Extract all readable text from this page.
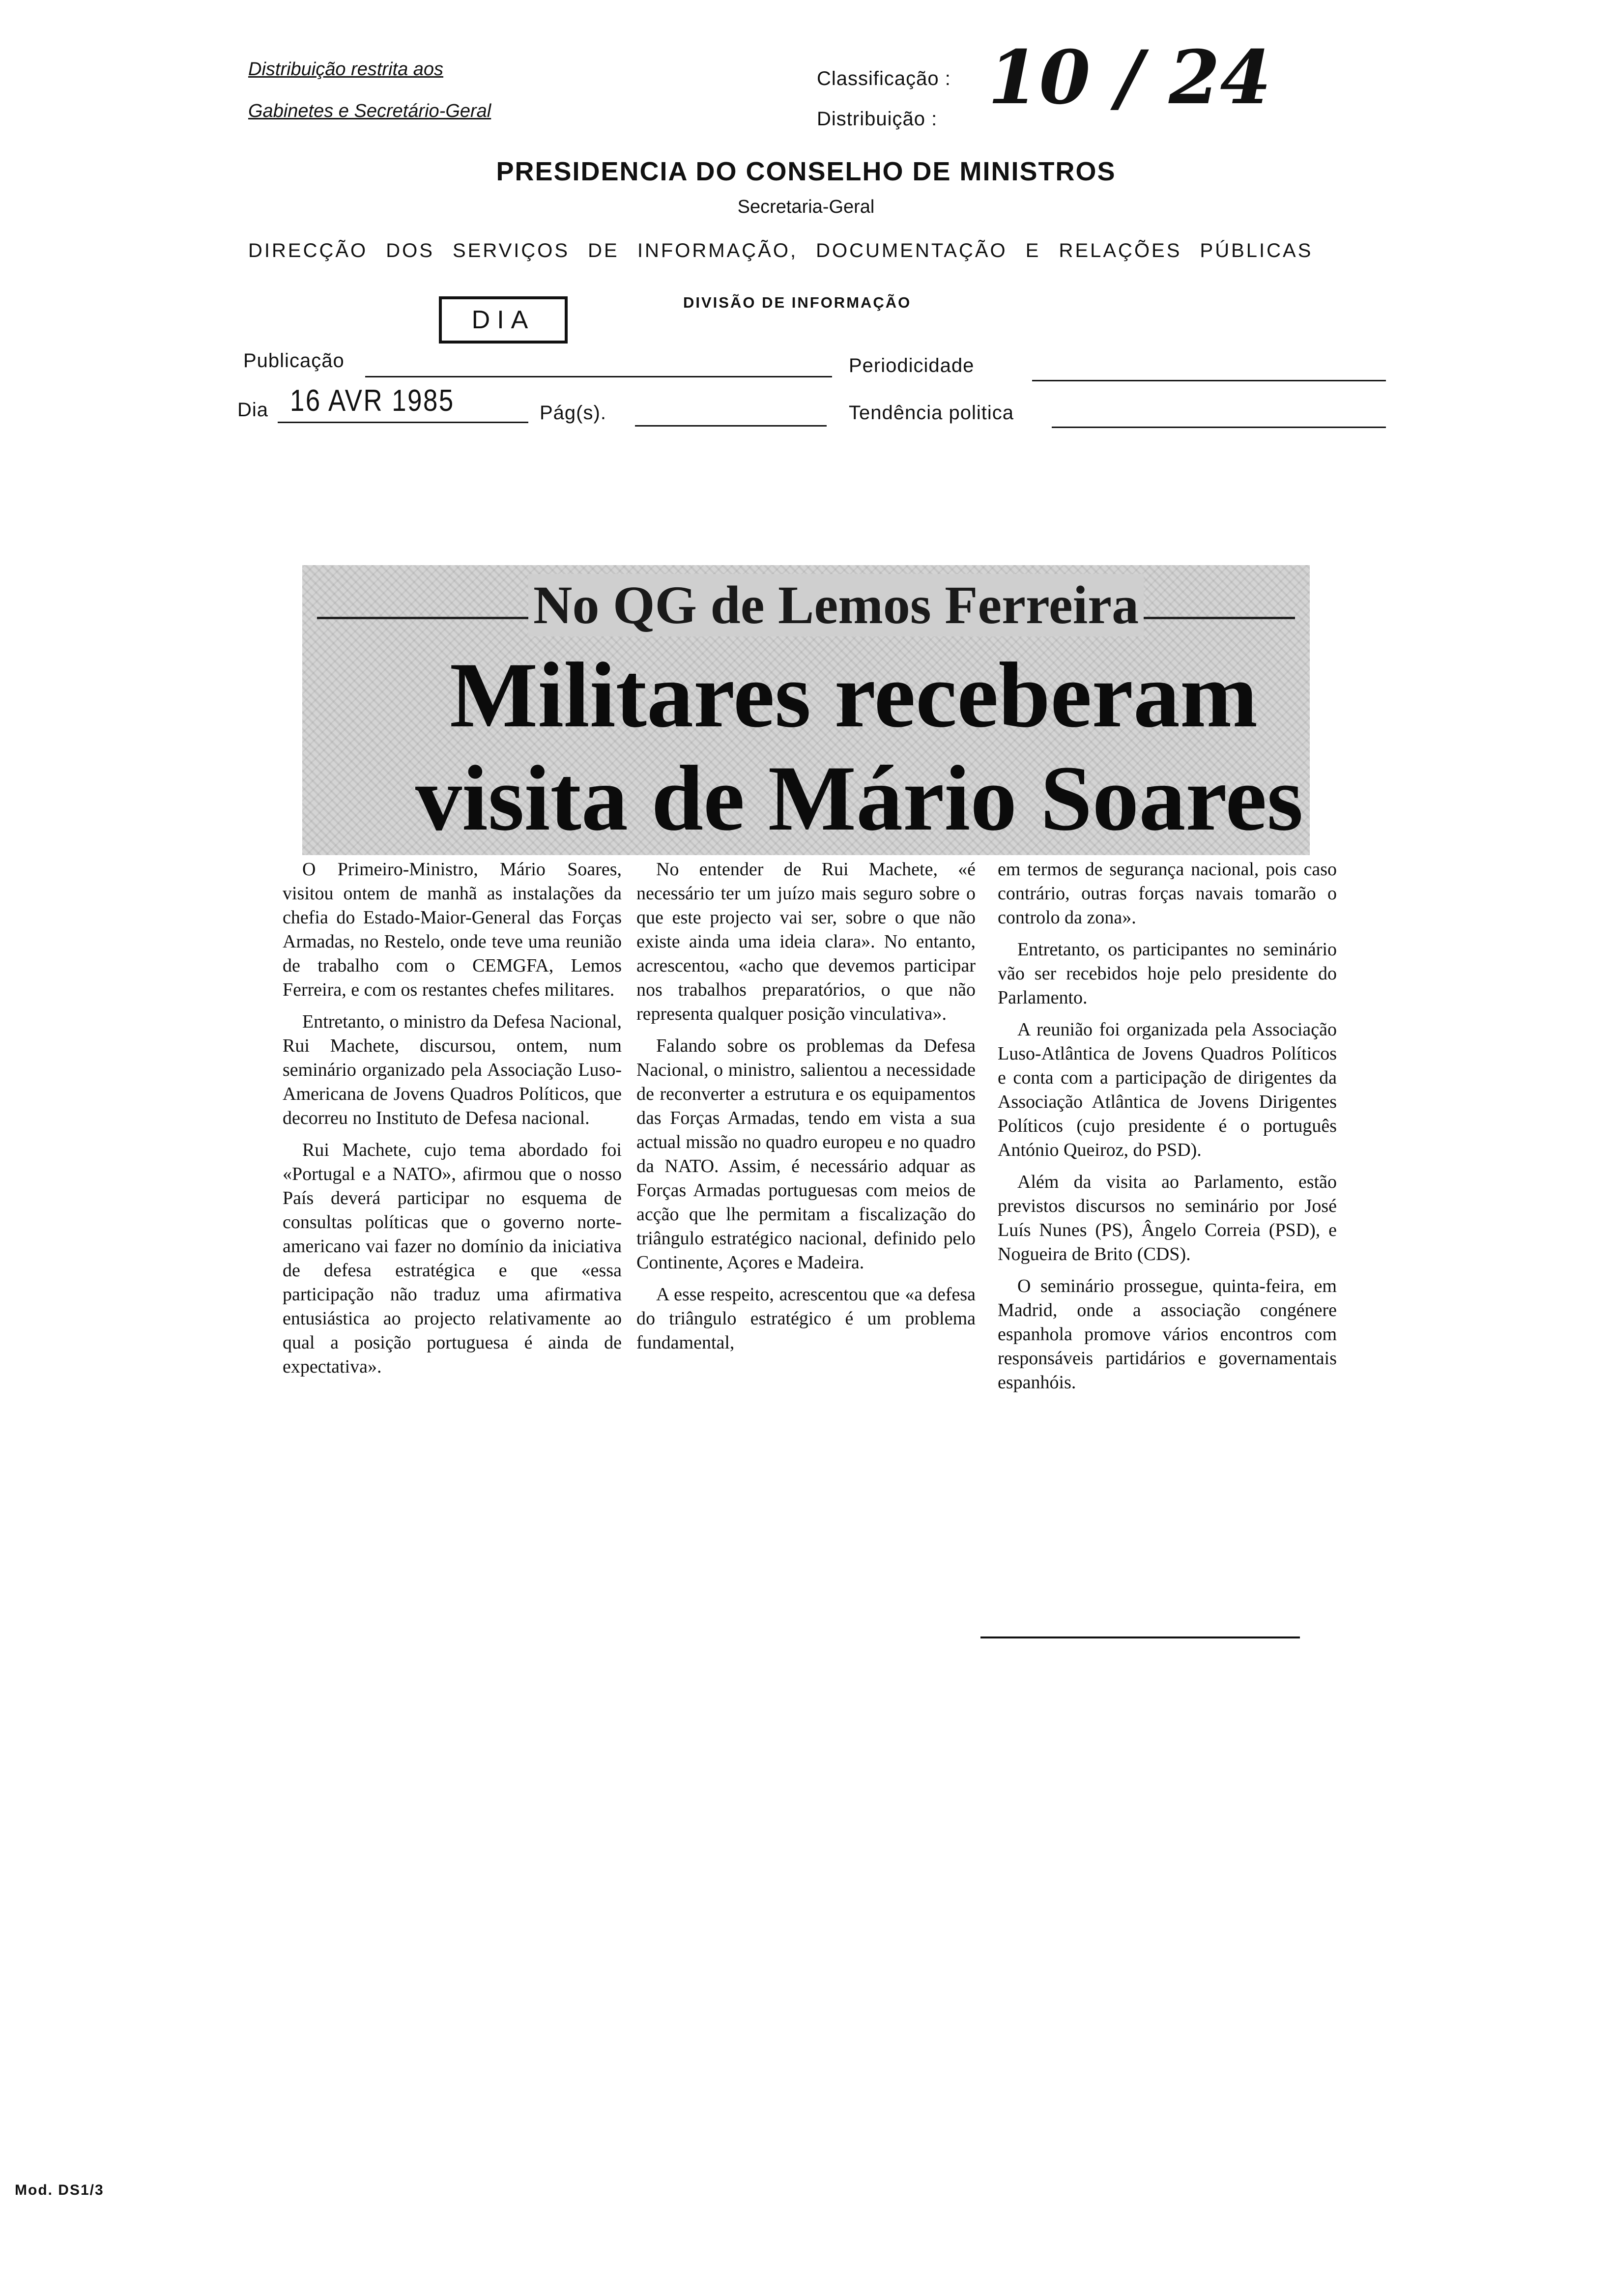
Distribuição restrita aos
Gabinetes e Secretário-Geral
Classificação :
Distribuição : 10 / 24
PRESIDENCIA DO CONSELHO DE MINISTROS
Secretaria-Geral
DIRECÇÃO DOS SERVIÇOS DE INFORMAÇÃO, DOCUMENTAÇÃO E RELAÇÕES PÚBLICAS
DIVISÃO DE INFORMAÇÃO
DIA
Publicação	Periodicidade
Dia 16 AVR 1985	Pág(s).	Tendência politica
No QG de Lemos Ferreira
Militares receberam
visita de Mário Soares

O Primeiro-Ministro, Mário Soares, visitou ontem de manhã as instalações da chefia do Estado-Maior-General das Forças Armadas, no Restelo, onde teve uma reunião de trabalho com o CEMGFA, Lemos Ferreira, e com os restantes chefes militares.

Entretanto, o ministro da Defesa Nacional, Rui Machete, discursou, ontem, num seminário organizado pela Associação Luso-Americana de Jovens Quadros Políticos, que decorreu no Instituto de Defesa nacional.

Rui Machete, cujo tema abordado foi «Portugal e a NATO», afirmou que o nosso País deverá participar no esquema de consultas políticas que o governo norte-americano vai fazer no domínio da iniciativa de defesa estratégica e que «essa participação não traduz uma afirmativa entusiástica ao projecto relativamente ao qual a posição portuguesa é ainda de expectativa».

No entender de Rui Machete, «é necessário ter um juízo mais seguro sobre o que este projecto vai ser, sobre o que não existe ainda uma ideia clara». No entanto, acrescentou, «acho que devemos participar nos trabalhos preparatórios, o que não representa qualquer posição vinculativa».

Falando sobre os problemas da Defesa Nacional, o ministro, salientou a necessidade de reconverter a estrutura e os equipamentos das Forças Armadas, tendo em vista a sua actual missão no quadro europeu e no quadro da NATO. Assim, é necessário adquar as Forças Armadas portuguesas com meios de acção que lhe permitam a fiscalização do triângulo estratégico nacional, definido pelo Continente, Açores e Madeira.

A esse respeito, acrescentou que «a defesa do triângulo estratégico é um problema fundamental,

em termos de segurança nacional, pois caso contrário, outras forças navais tomarão o controlo da zona».

Entretanto, os participantes no seminário vão ser recebidos hoje pelo presidente do Parlamento.

A reunião foi organizada pela Associação Luso-Atlântica de Jovens Quadros Políticos e conta com a participação de dirigentes da Associação Atlântica de Jovens Dirigentes Políticos (cujo presidente é o português António Queiroz, do PSD).

Além da visita ao Parlamento, estão previstos discursos no seminário por José Luís Nunes (PS), Ângelo Correia (PSD), e Nogueira de Brito (CDS).

O seminário prossegue, quinta-feira, em Madrid, onde a associação congénere espanhola promove vários encontros com responsáveis partidários e governamentais espanhóis.

Mod. DS1/3
